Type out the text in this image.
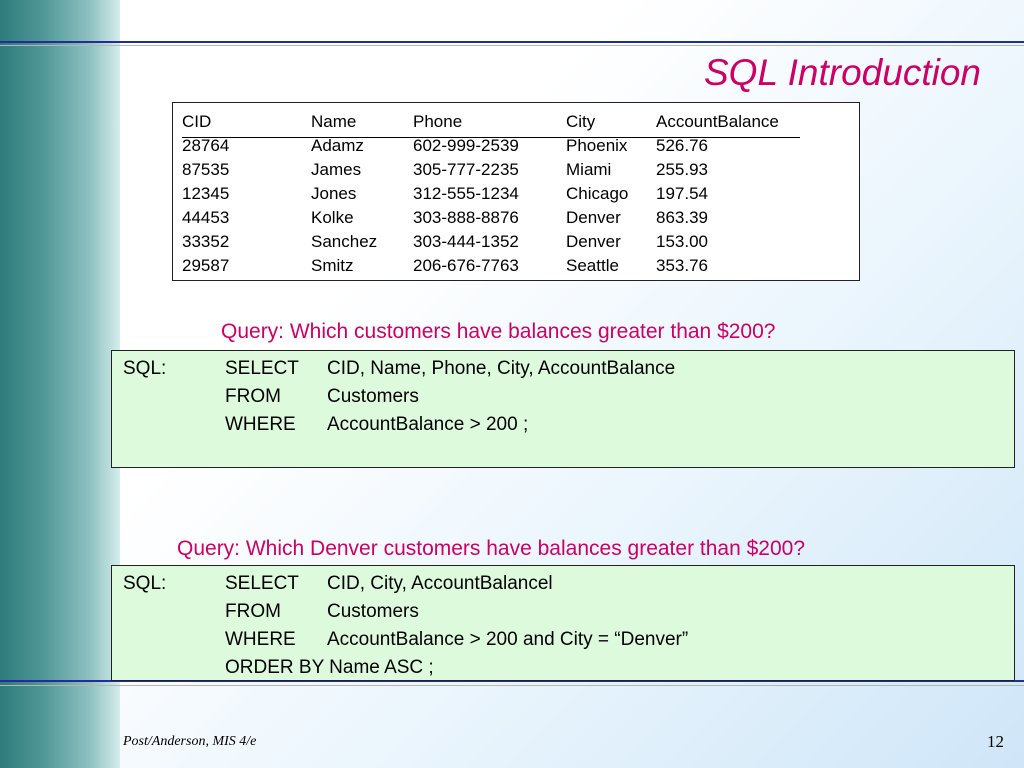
SQL Introduction
CID	Name	Phone	City	AccountBalance
28764	Adamz	602-999-2539	Phoenix 526.76
87535	James	305-777-2235	Miami	255.93
12345	Jones	312-555-1234	Chicago 197.54
44453	Kolke	303-888-8876	Denver 863.39
33352	Sanchez 303-444-1352	Denver 153.00
29587	Smitz	206-676-7763	Seattle 353.76
Query: Which customers have balances greater than $200?
SQL:	SELECT CID, Name, Phone, City, AccountBalance
FROM Customers
WHERE AccountBalance > 200 ;
Query: Which Denver customers have balances greater than $200?
SQL:	SELECT CID, City, AccountBalancel
FROM Customers
WHERE AccountBalance > 200 and City = “Denver”
ORDER BY Name ASC ;
Post/Anderson, MIS 4/e	12
